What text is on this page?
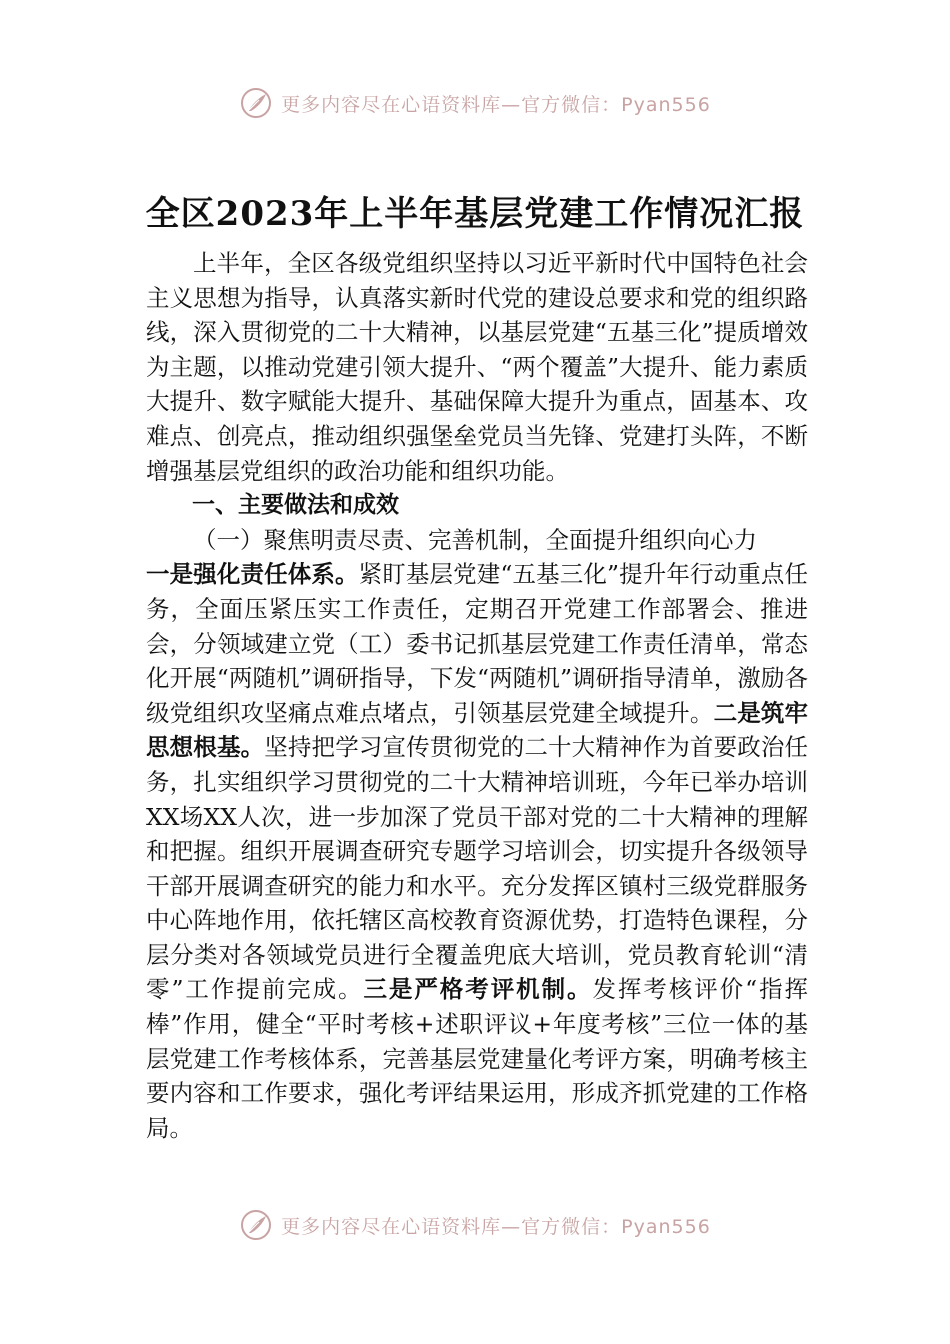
更多内容尽在心语资料库—官方微信：Pyan556
全区2023年上半年基层党建工作情况汇报

上半年，全区各级党组织坚持以习近平新时代中国特色社会主义思想为指导，认真落实新时代党的建设总要求和党的组织路线，深入贯彻党的二十大精神，以基层党建“五基三化”提质增效为主题，以推动党建引领大提升、“两个覆盖”大提升、能力素质大提升、数字赋能大提升、基础保障大提升为重点，固基本、攻难点、创亮点，推动组织强堡垒党员当先锋、党建打头阵，不断增强基层党组织的政治功能和组织功能。

一、主要做法和成效

（一）聚焦明责尽责、完善机制，全面提升组织向心力

一是强化责任体系。紧盯基层党建“五基三化”提升年行动重点任务，全面压紧压实工作责任，定期召开党建工作部署会、推进会，分领域建立党（工）委书记抓基层党建工作责任清单，常态化开展“两随机”调研指导，下发“两随机”调研指导清单，激励各级党组织攻坚痛点难点堵点，引领基层党建全域提升。二是筑牢思想根基。坚持把学习宣传贯彻党的二十大精神作为首要政治任务，扎实组织学习贯彻党的二十大精神培训班，今年已举办培训XX场XX人次，进一步加深了党员干部对党的二十大精神的理解和把握。组织开展调查研究专题学习培训会，切实提升各级领导干部开展调查研究的能力和水平。充分发挥区镇村三级党群服务中心阵地作用，依托辖区高校教育资源优势，打造特色课程，分层分类对各领域党员进行全覆盖兜底大培训，党员教育轮训“清零”工作提前完成。三是严格考评机制。发挥考核评价“指挥棒”作用，健全“平时考核+述职评议+年度考核”三位一体的基层党建工作考核体系，完善基层党建量化考评方案，明确考核主要内容和工作要求，强化考评结果运用，形成齐抓党建的工作格局。

更多内容尽在心语资料库—官方微信：Pyan556
